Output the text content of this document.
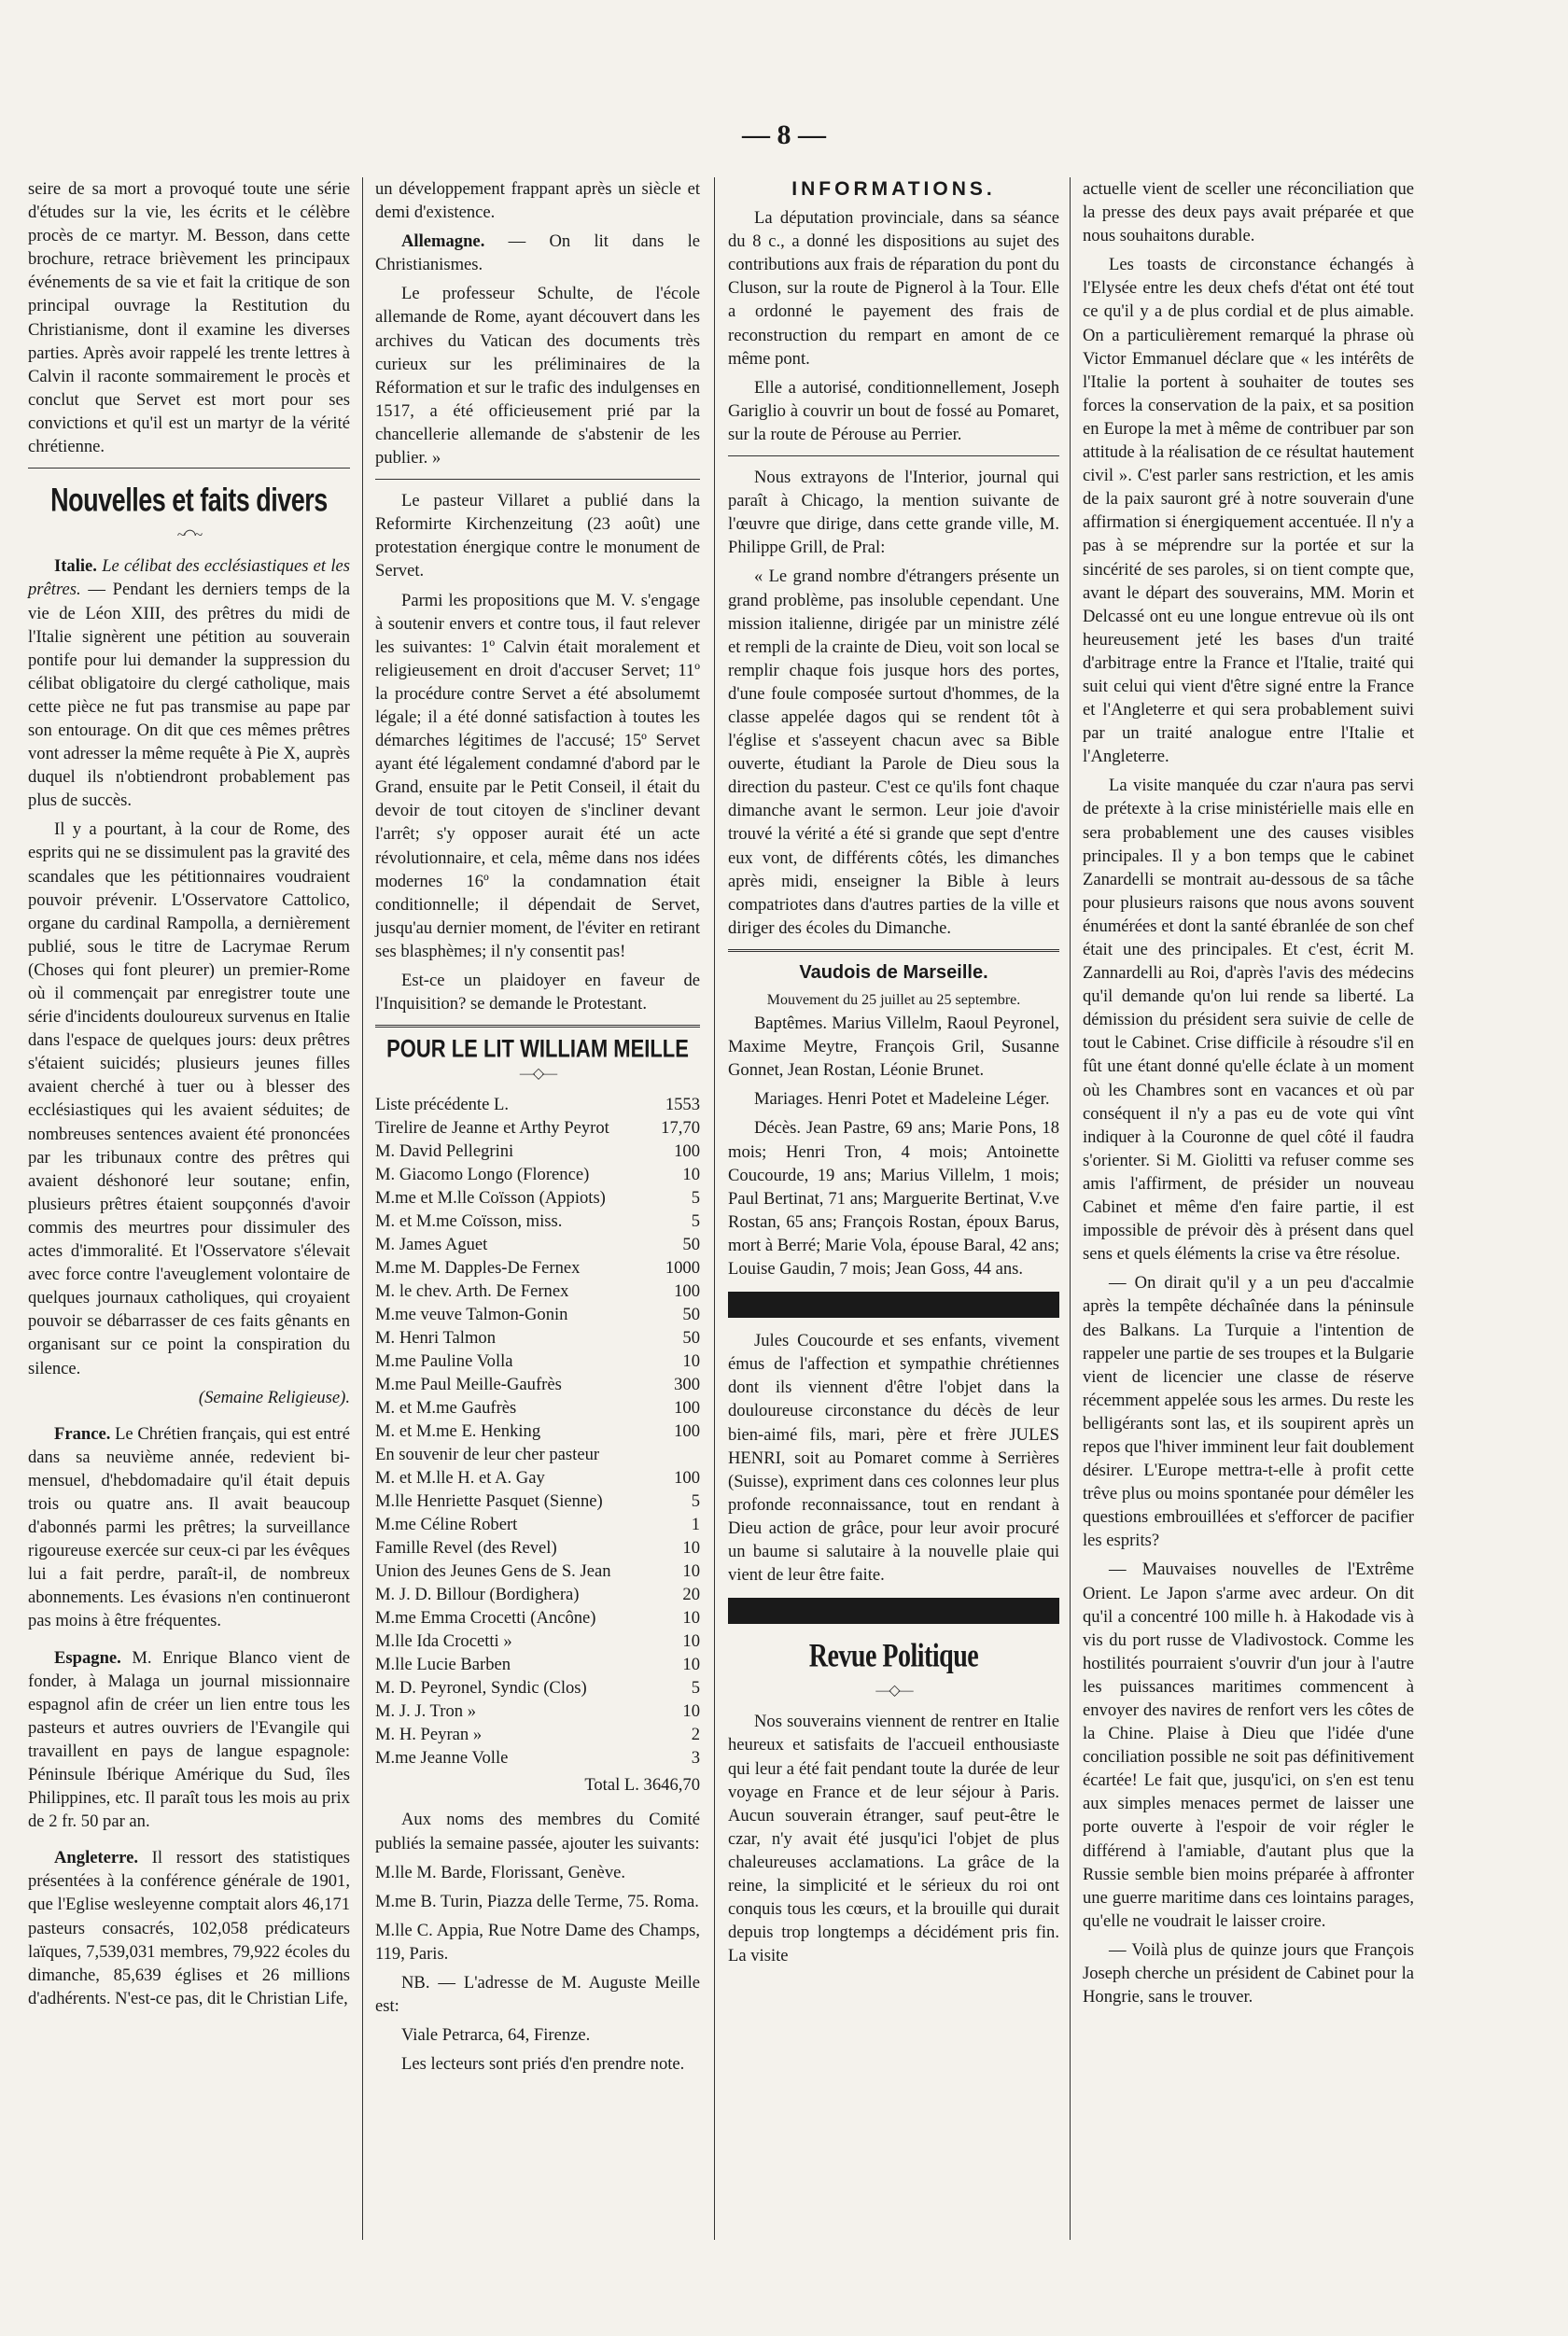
— 8 —

seire de sa mort a provoqué toute une série d'études sur la vie, les écrits et le célèbre procès de ce martyr. M. Besson, dans cette brochure, retrace brièvement les principaux événements de sa vie et fait la critique de son principal ouvrage la Restitution du Christianisme, dont il examine les diverses parties. Après avoir rappelé les trente lettres à Calvin il raconte sommairement le procès et conclut que Servet est mort pour ses convictions et qu'il est un martyr de la vérité chrétienne.

Nouvelles et faits divers
~◠~

Italie. Le célibat des ecclésiastiques et les prêtres. — Pendant les derniers temps de la vie de Léon XIII, des prêtres du midi de l'Italie signèrent une pétition au souverain pontife pour lui demander la suppression du célibat obligatoire du clergé catholique, mais cette pièce ne fut pas transmise au pape par son entourage. On dit que ces mêmes prêtres vont adresser la même requête à Pie X, auprès duquel ils n'obtiendront probablement pas plus de succès.

Il y a pourtant, à la cour de Rome, des esprits qui ne se dissimulent pas la gravité des scandales que les pétitionnaires voudraient pouvoir prévenir. L'Osservatore Cattolico, organe du cardinal Rampolla, a dernièrement publié, sous le titre de Lacrymae Rerum (Choses qui font pleurer) un premier-Rome où il commençait par enregistrer toute une série d'incidents douloureux survenus en Italie dans l'espace de quelques jours: deux prêtres s'étaient suicidés; plusieurs jeunes filles avaient cherché à tuer ou à blesser des ecclésiastiques qui les avaient séduites; de nombreuses sentences avaient été prononcées par les tribunaux contre des prêtres qui avaient déshonoré leur soutane; enfin, plusieurs prêtres étaient soupçonnés d'avoir commis des meurtres pour dissimuler des actes d'immoralité. Et l'Osservatore s'élevait avec force contre l'aveuglement volontaire de quelques journaux catholiques, qui croyaient pouvoir se débarrasser de ces faits gênants en organisant sur ce point la conspiration du silence.

(Semaine Religieuse).

France. Le Chrétien français, qui est entré dans sa neuvième année, redevient bi-mensuel, d'hebdomadaire qu'il était depuis trois ou quatre ans. Il avait beaucoup d'abonnés parmi les prêtres; la surveillance rigoureuse exercée sur ceux-ci par les évêques lui a fait perdre, paraît-il, de nombreux abonnements. Les évasions n'en continueront pas moins à être fréquentes.

Espagne. M. Enrique Blanco vient de fonder, à Malaga un journal missionnaire espagnol afin de créer un lien entre tous les pasteurs et autres ouvriers de l'Evangile qui travaillent en pays de langue espagnole: Péninsule Ibérique Amérique du Sud, îles Philippines, etc. Il paraît tous les mois au prix de 2 fr. 50 par an.

Angleterre. Il ressort des statistiques présentées à la conférence générale de 1901, que l'Eglise wesleyenne comptait alors 46,171 pasteurs consacrés, 102,058 prédicateurs laïques, 7,539,031 membres, 79,922 écoles du dimanche, 85,639 églises et 26 millions d'adhérents. N'est-ce pas, dit le Christian Life,

un développement frappant après un siècle et demi d'existence.

Allemagne. — On lit dans le Christianismes.

Le professeur Schulte, de l'école allemande de Rome, ayant découvert dans les archives du Vatican des documents très curieux sur les préliminaires de la Réformation et sur le trafic des indulgenses en 1517, a été officieusement prié par la chancellerie allemande de s'abstenir de les publier. »

Le pasteur Villaret a publié dans la Reformirte Kirchenzeitung (23 août) une protestation énergique contre le monument de Servet.

Parmi les propositions que M. V. s'engage à soutenir envers et contre tous, il faut relever les suivantes: 1º Calvin était moralement et religieusement en droit d'accuser Servet; 11º la procédure contre Servet a été absolumemt légale; il a été donné satisfaction à toutes les démarches légitimes de l'accusé; 15º Servet ayant été légalement condamné d'abord par le Grand, ensuite par le Petit Conseil, il était du devoir de tout citoyen de s'incliner devant l'arrêt; s'y opposer aurait été un acte révolutionnaire, et cela, même dans nos idées modernes 16º la condamnation était conditionnelle; il dépendait de Servet, jusqu'au dernier moment, de l'éviter en retirant ses blasphèmes; il n'y consentit pas!

Est-ce un plaidoyer en faveur de l'Inquisition? se demande le Protestant.

POUR LE LIT WILLIAM MEILLE
—◇—
Liste précédente L.	1553
Tirelire de Jeanne et Arthy Peyrot	17,70
M. David Pellegrini	100
M. Giacomo Longo (Florence)	10
M.me et M.lle Coïsson (Appiots)	5
M. et M.me Coïsson, miss.	5
M. James Aguet	50
M.me M. Dapples-De Fernex	1000
M. le chev. Arth. De Fernex	100
M.me veuve Talmon-Gonin	50
M. Henri Talmon	50
M.me Pauline Volla	10
M.me Paul Meille-Gaufrès	300
M. et M.me Gaufrès	100
M. et M.me E. Henking	100
En souvenir de leur cher pasteur	
M. et M.lle H. et A. Gay	100
M.lle Henriette Pasquet (Sienne)	5
M.me Céline Robert	1
Famille Revel (des Revel)	10
Union des Jeunes Gens de S. Jean	10
M. J. D. Billour (Bordighera)	20
M.me Emma Crocetti (Ancône)	10
M.lle Ida Crocetti »	10
M.lle Lucie Barben	10
M. D. Peyronel, Syndic (Clos)	5
M. J. J. Tron »	10
M. H. Peyran »	2
M.me Jeanne Volle	3
Total L. 3646,70

Aux noms des membres du Comité publiés la semaine passée, ajouter les suivants:

M.lle M. Barde, Florissant, Genève.

M.me B. Turin, Piazza delle Terme, 75. Roma.

M.lle C. Appia, Rue Notre Dame des Champs, 119, Paris.

NB. — L'adresse de M. Auguste Meille est:

Viale Petrarca, 64, Firenze.

Les lecteurs sont priés d'en prendre note.

INFORMATIONS.

La députation provinciale, dans sa séance du 8 c., a donné les dispositions au sujet des contributions aux frais de réparation du pont du Cluson, sur la route de Pignerol à la Tour. Elle a ordonné le payement des frais de reconstruction du rempart en amont de ce même pont.

Elle a autorisé, conditionnellement, Joseph Gariglio à couvrir un bout de fossé au Pomaret, sur la route de Pérouse au Perrier.

Nous extrayons de l'Interior, journal qui paraît à Chicago, la mention suivante de l'œuvre que dirige, dans cette grande ville, M. Philippe Grill, de Pral:

« Le grand nombre d'étrangers présente un grand problème, pas insoluble cependant. Une mission italienne, dirigée par un ministre zélé et rempli de la crainte de Dieu, voit son local se remplir chaque fois jusque hors des portes, d'une foule composée surtout d'hommes, de la classe appelée dagos qui se rendent tôt à l'église et s'asseyent chacun avec sa Bible ouverte, étudiant la Parole de Dieu sous la direction du pasteur. C'est ce qu'ils font chaque dimanche avant le sermon. Leur joie d'avoir trouvé la vérité a été si grande que sept d'entre eux vont, de différents côtés, les dimanches après midi, enseigner la Bible à leurs compatriotes dans d'autres parties de la ville et diriger des écoles du Dimanche.

Vaudois de Marseille.
Mouvement du 25 juillet au 25 septembre.

Baptêmes. Marius Villelm, Raoul Peyronel, Maxime Meytre, François Gril, Susanne Gonnet, Jean Rostan, Léonie Brunet.

Mariages. Henri Potet et Madeleine Léger.

Décès. Jean Pastre, 69 ans; Marie Pons, 18 mois; Henri Tron, 4 mois; Antoinette Coucourde, 19 ans; Marius Villelm, 1 mois; Paul Bertinat, 71 ans; Marguerite Bertinat, V.ve Rostan, 65 ans; François Rostan, époux Barus, mort à Berré; Marie Vola, épouse Baral, 42 ans; Louise Gaudin, 7 mois; Jean Goss, 44 ans.

Jules Coucourde et ses enfants, vivement émus de l'affection et sympathie chrétiennes dont ils viennent d'être l'objet dans la douloureuse circonstance du décès de leur bien-aimé fils, mari, père et frère JULES HENRI, soit au Pomaret comme à Serrières (Suisse), expriment dans ces colonnes leur plus profonde reconnaissance, tout en rendant à Dieu action de grâce, pour leur avoir procuré un baume si salutaire à la nouvelle plaie qui vient de leur être faite.

Revue Politique
—◇—

Nos souverains viennent de rentrer en Italie heureux et satisfaits de l'accueil enthousiaste qui leur a été fait pendant toute la durée de leur voyage en France et de leur séjour à Paris. Aucun souverain étranger, sauf peut-être le czar, n'y avait été jusqu'ici l'objet de plus chaleureuses acclamations. La grâce de la reine, la simplicité et le sérieux du roi ont conquis tous les cœurs, et la brouille qui durait depuis trop longtemps a décidément pris fin. La visite

actuelle vient de sceller une réconciliation que la presse des deux pays avait préparée et que nous souhaitons durable.

Les toasts de circonstance échangés à l'Elysée entre les deux chefs d'état ont été tout ce qu'il y a de plus cordial et de plus aimable. On a particulièrement remarqué la phrase où Victor Emmanuel déclare que « les intérêts de l'Italie la portent à souhaiter de toutes ses forces la conservation de la paix, et sa position en Europe la met à même de contribuer par son attitude à la réalisation de ce résultat hautement civil ». C'est parler sans restriction, et les amis de la paix sauront gré à notre souverain d'une affirmation si énergiquement accentuée. Il n'y a pas à se méprendre sur la portée et sur la sincérité de ses paroles, si on tient compte que, avant le départ des souverains, MM. Morin et Delcassé ont eu une longue entrevue où ils ont heureusement jeté les bases d'un traité d'arbitrage entre la France et l'Italie, traité qui suit celui qui vient d'être signé entre la France et l'Angleterre et qui sera probablement suivi par un traité analogue entre l'Italie et l'Angleterre.

La visite manquée du czar n'aura pas servi de prétexte à la crise ministérielle mais elle en sera probablement une des causes visibles principales. Il y a bon temps que le cabinet Zanardelli se montrait au-dessous de sa tâche pour plusieurs raisons que nous avons souvent énumérées et dont la santé ébranlée de son chef était une des principales. Et c'est, écrit M. Zannardelli au Roi, d'après l'avis des médecins qu'il demande qu'on lui rende sa liberté. La démission du président sera suivie de celle de tout le Cabinet. Crise difficile à résoudre s'il en fût une étant donné qu'elle éclate à un moment où les Chambres sont en vacances et où par conséquent il n'y a pas eu de vote qui vînt indiquer à la Couronne de quel côté il faudra s'orienter. Si M. Giolitti va refuser comme ses amis l'affirment, de présider un nouveau Cabinet et même d'en faire partie, il est impossible de prévoir dès à présent dans quel sens et quels éléments la crise va être résolue.

— On dirait qu'il y a un peu d'accalmie après la tempête déchaînée dans la péninsule des Balkans. La Turquie a l'intention de rappeler une partie de ses troupes et la Bulgarie vient de licencier une classe de réserve récemment appelée sous les armes. Du reste les belligérants sont las, et ils soupirent après un repos que l'hiver imminent leur fait doublement désirer. L'Europe mettra-t-elle à profit cette trêve plus ou moins spontanée pour démêler les questions embrouillées et s'efforcer de pacifier les esprits?

— Mauvaises nouvelles de l'Extrême Orient. Le Japon s'arme avec ardeur. On dit qu'il a concentré 100 mille h. à Hakodade vis à vis du port russe de Vladivostock. Comme les hostilités pourraient s'ouvrir d'un jour à l'autre les puissances maritimes commencent à envoyer des navires de renfort vers les côtes de la Chine. Plaise à Dieu que l'idée d'une conciliation possible ne soit pas définitivement écartée! Le fait que, jusqu'ici, on s'en est tenu aux simples menaces permet de laisser une porte ouverte à l'espoir de voir régler le différend à l'amiable, d'autant plus que la Russie semble bien moins préparée à affronter une guerre maritime dans ces lointains parages, qu'elle ne voudrait le laisser croire.

— Voilà plus de quinze jours que François Joseph cherche un président de Cabinet pour la Hongrie, sans le trouver.
